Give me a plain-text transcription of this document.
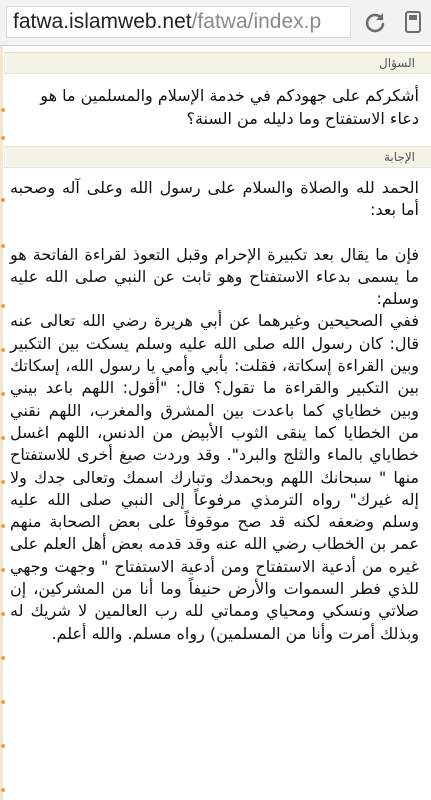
fatwa.islamweb.net/fatwa/index.p
السؤال
أشكركم على جهودكم في خدمة الإسلام والمسلمين ما هو دعاء الاستفتاح وما دليله من السنة؟
الإجابة

الحمد لله والصلاة والسلام على رسول الله وعلى آله وصحبه أما بعد:

فإن ما يقال بعد تكبيرة الإحرام وقبل التعوذ لقراءة الفاتحة هو ما يسمى بدعاء الاستفتاح وهو ثابت عن النبي صلى الله عليه وسلم:

ففي الصحيحين وغيرهما عن أبي هريرة رضي الله تعالى عنه قال: كان رسول الله صلى الله عليه وسلم يسكت بين التكبير وبين القراءة إسكاتة، فقلت: بأبي وأمي يا رسول الله، إسكاتك بين التكبير والقراءة ما تقول؟ قال: "أقول: اللهم باعد بيني وبين خطاياي كما باعدت بين المشرق والمغرب، اللهم نقني من الخطايا كما ينقى الثوب الأبيض من الدنس، اللهم اغسل خطاياي بالماء والثلج والبرد". وقد وردت صيغ أخرى للاستفتاح منها " سبحانك اللهم وبحمدك وتبارك اسمك وتعالى جدك ولا إله غيرك" رواه الترمذي مرفوعاً إلى النبي صلى الله عليه وسلم وضعفه لكنه قد صح موقوفاً على بعض الصحابة منهم عمر بن الخطاب رضي الله عنه وقد قدمه بعض أهل العلم على غيره من أدعية الاستفتاح ومن أدعية الاستفتاح " وجهت وجهي للذي فطر السموات والأرض حنيفاً وما أنا من المشركين، إن صلاتي ونسكي ومحياي ومماتي لله رب العالمين لا شريك له وبذلك أمرت وأنا من المسلمين) رواه مسلم. والله أعلم.
